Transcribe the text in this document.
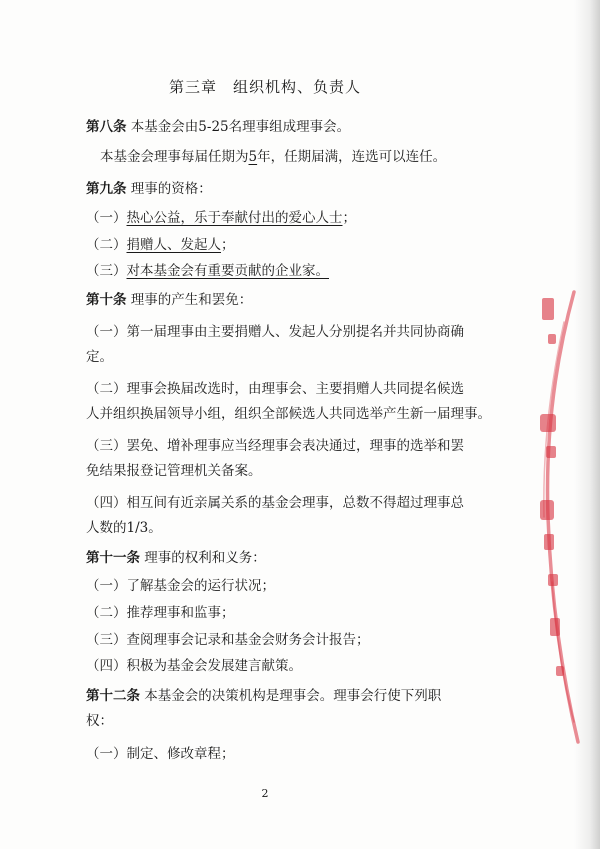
第三章　组织机构、负责人
第八条 本基金会由5-25名理事组成理事会。
本基金会理事每届任期为5年，任期届满，连选可以连任。
第九条 理事的资格：
（一）热心公益，乐于奉献付出的爱心人士；
（二）捐赠人、发起人；
（三）对本基金会有重要贡献的企业家。
第十条 理事的产生和罢免：
（一）第一届理事由主要捐赠人、发起人分别提名并共同协商确
定。
（二）理事会换届改选时，由理事会、主要捐赠人共同提名候选
人并组织换届领导小组，组织全部候选人共同选举产生新一届理事。
（三）罢免、增补理事应当经理事会表决通过，理事的选举和罢
免结果报登记管理机关备案。
（四）相互间有近亲属关系的基金会理事，总数不得超过理事总
人数的1/3。
第十一条 理事的权利和义务：
（一）了解基金会的运行状况；
（二）推荐理事和监事；
（三）查阅理事会记录和基金会财务会计报告；
（四）积极为基金会发展建言献策。
第十二条 本基金会的决策机构是理事会。理事会行使下列职
权：
（一）制定、修改章程；
2
